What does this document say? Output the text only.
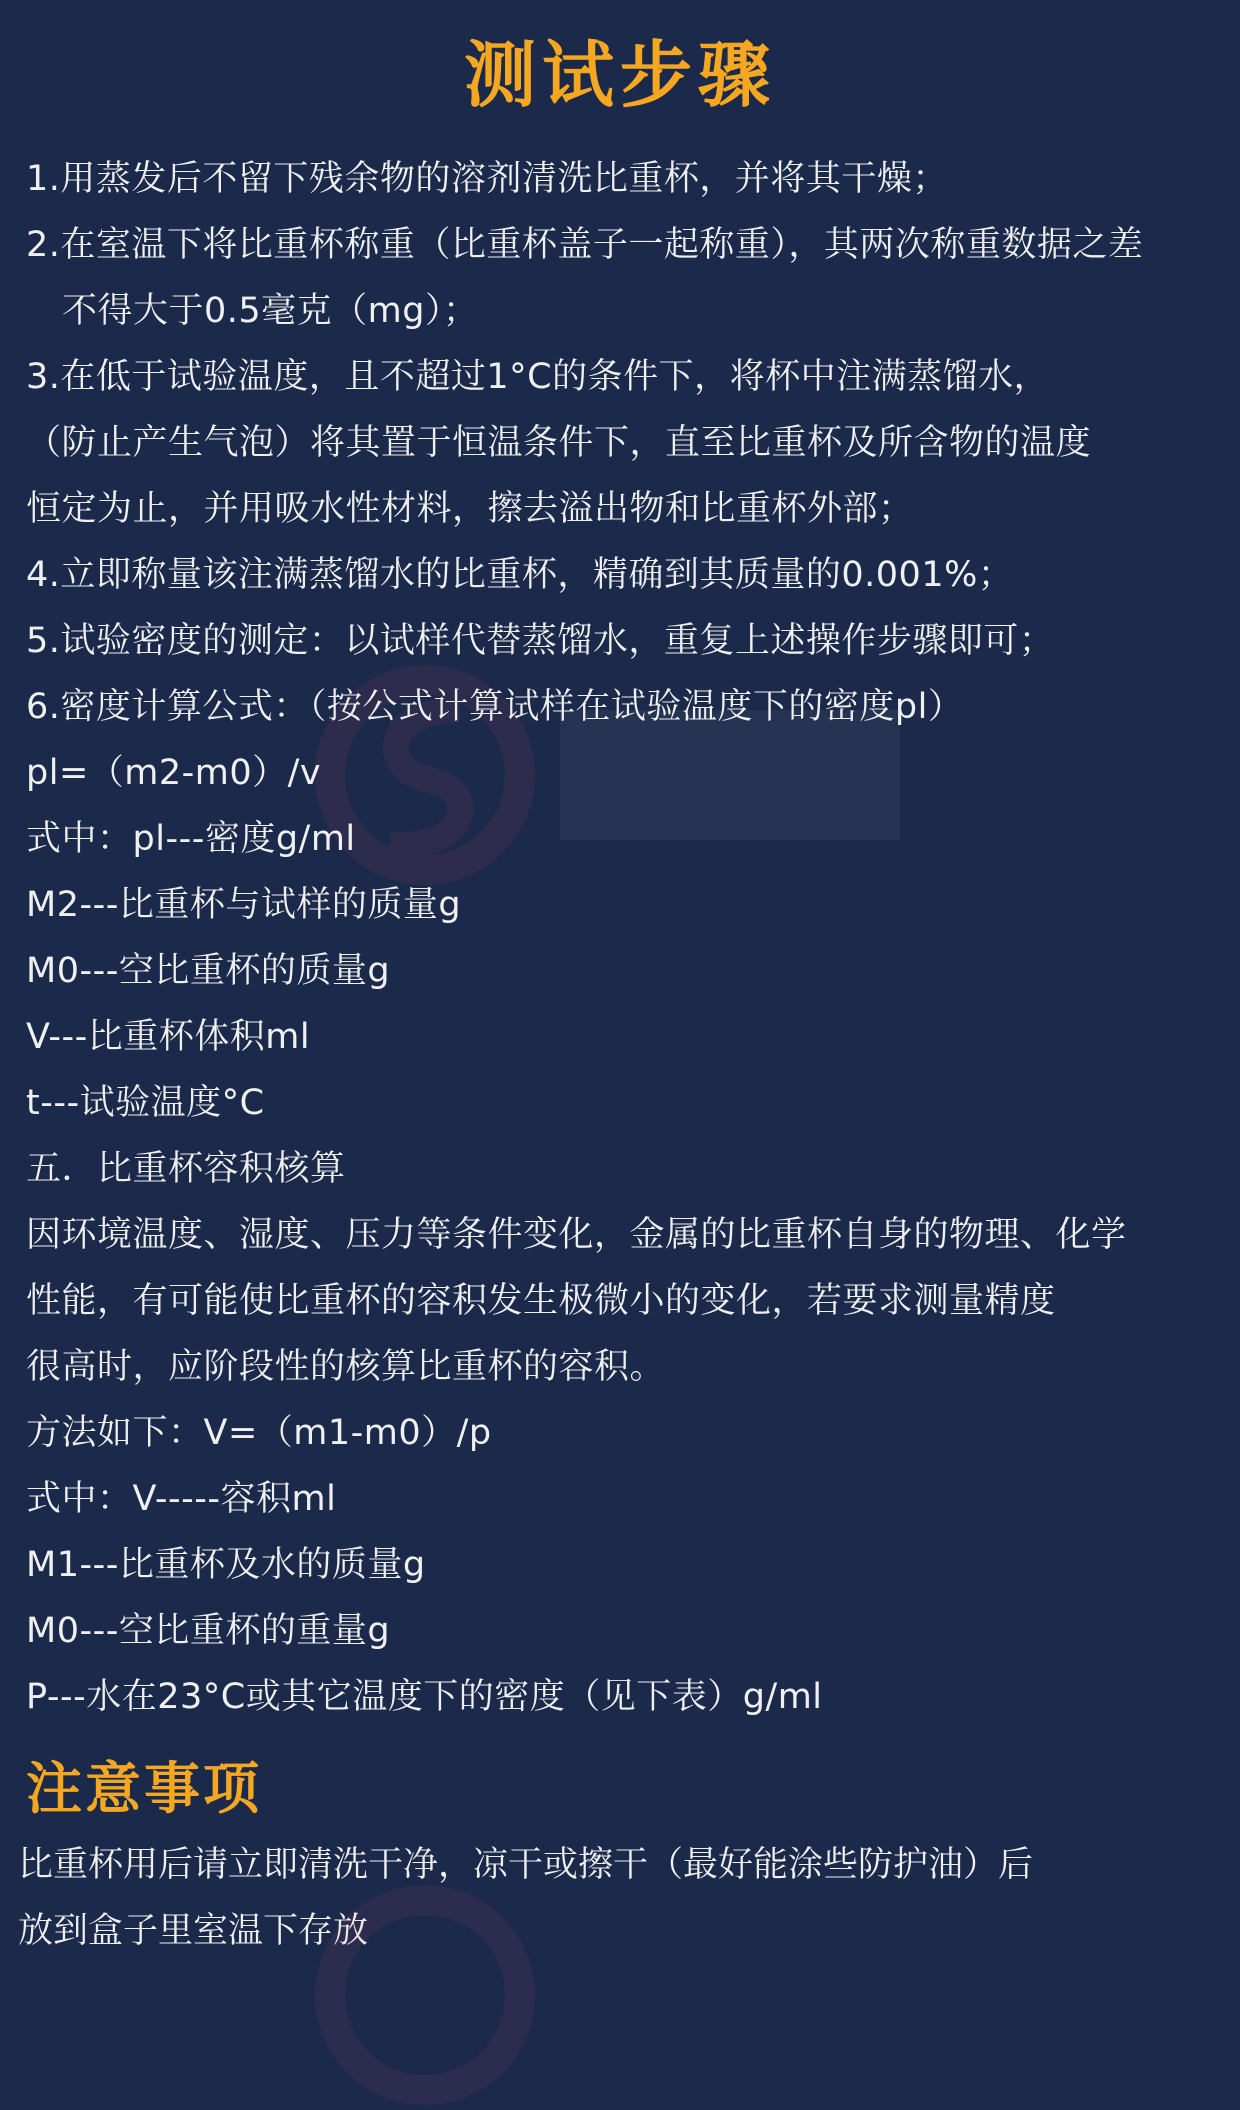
测试步骤
1.用蒸发后不留下残余物的溶剂清洗比重杯，并将其干燥；
2.在室温下将比重杯称重（比重杯盖子一起称重），其两次称重数据之差
不得大于0.5毫克（mg）；
3.在低于试验温度，且不超过1°C的条件下，将杯中注满蒸馏水，
（防止产生气泡）将其置于恒温条件下，直至比重杯及所含物的温度
恒定为止，并用吸水性材料，擦去溢出物和比重杯外部；
4.立即称量该注满蒸馏水的比重杯，精确到其质量的0.001%；
5.试验密度的测定：以试样代替蒸馏水，重复上述操作步骤即可；
6.密度计算公式：（按公式计算试样在试验温度下的密度pl）
pl=（m2-m0）/v
式中：pl---密度g/ml
M2---比重杯与试样的质量g
M0---空比重杯的质量g
V---比重杯体积ml
t---试验温度°C
五．比重杯容积核算
因环境温度、湿度、压力等条件变化，金属的比重杯自身的物理、化学
性能，有可能使比重杯的容积发生极微小的变化，若要求测量精度
很高时，应阶段性的核算比重杯的容积。
方法如下：V=（m1-m0）/p
式中：V-----容积ml
M1---比重杯及水的质量g
M0---空比重杯的重量g
P---水在23°C或其它温度下的密度（见下表）g/ml
注意事项
比重杯用后请立即清洗干净，凉干或擦干（最好能涂些防护油）后
放到盒子里室温下存放
